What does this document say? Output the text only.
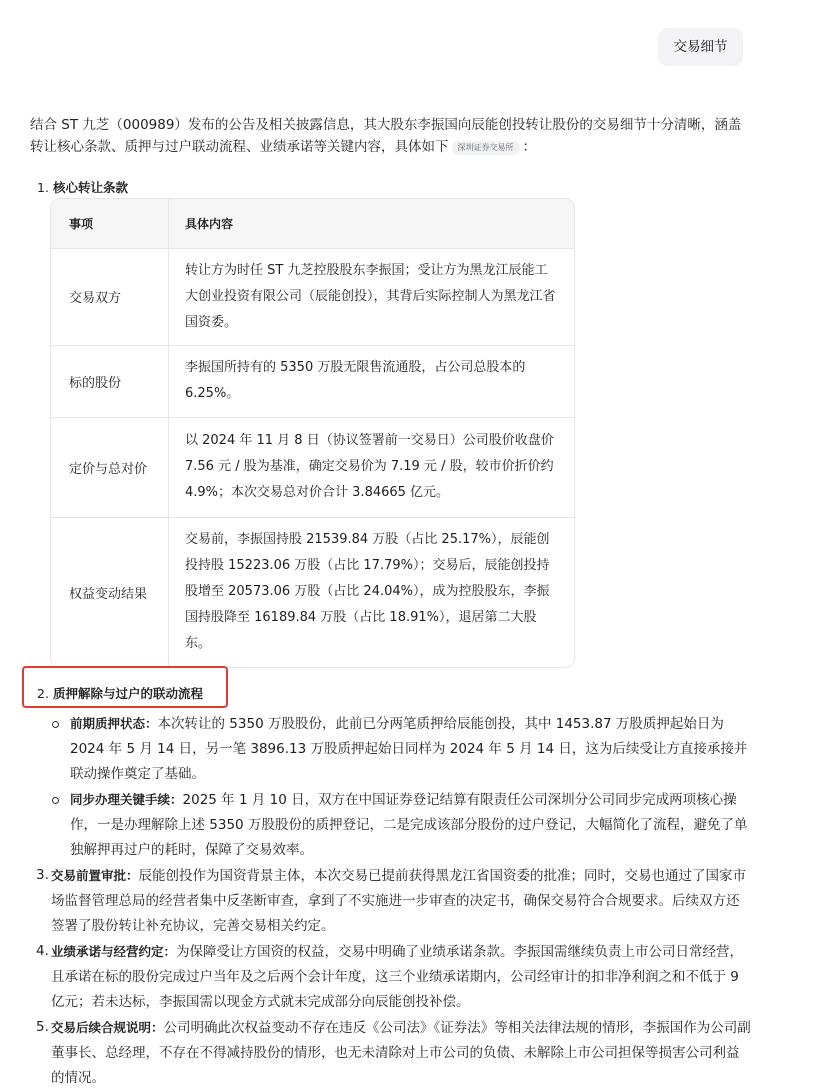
交易细节
结合 ST 九芝（000989）发布的公告及相关披露信息，其大股东李振国向辰能创投转让股份的交易细节十分清晰，涵盖转让核心条款、质押与过户联动流程、业绩承诺等关键内容，具体如下 深圳证券交易所 ：
1. 核心转让条款
事项	具体内容
交易双方
转让方为时任 ST 九芝控股股东李振国；受让方为黑龙江辰能工大创业投资有限公司（辰能创投），其背后实际控制人为黑龙江省国资委。
标的股份
李振国所持有的 5350 万股无限售流通股，占公司总股本的 6.25%。
定价与总对价
以 2024 年 11 月 8 日（协议签署前一交易日）公司股价收盘价 7.56 元 / 股为基准，确定交易价为 7.19 元 / 股，较市价折价约 4.9%；本次交易总对价合计 3.84665 亿元。
权益变动结果
交易前，李振国持股 21539.84 万股（占比 25.17%），辰能创投持股 15223.06 万股（占比 17.79%）；交易后，辰能创投持股增至 20573.06 万股（占比 24.04%），成为控股股东，李振国持股降至 16189.84 万股（占比 18.91%），退居第二大股东。
2. 质押解除与过户的联动流程
前期质押状态：本次转让的 5350 万股股份，此前已分两笔质押给辰能创投，其中 1453.87 万股质押起始日为 2024 年 5 月 14 日，另一笔 3896.13 万股质押起始日同样为 2024 年 5 月 14 日，这为后续受让方直接承接并联动操作奠定了基础。
同步办理关键手续：2025 年 1 月 10 日，双方在中国证券登记结算有限责任公司深圳分公司同步完成两项核心操作，一是办理解除上述 5350 万股股份的质押登记，二是完成该部分股份的过户登记，大幅简化了流程，避免了单独解押再过户的耗时，保障了交易效率。
3. 交易前置审批：辰能创投作为国资背景主体，本次交易已提前获得黑龙江省国资委的批准；同时，交易也通过了国家市场监督管理总局的经营者集中反垄断审查，拿到了不实施进一步审查的决定书，确保交易符合合规要求。后续双方还签署了股份转让补充协议，完善交易相关约定。
4. 业绩承诺与经营约定：为保障受让方国资的权益，交易中明确了业绩承诺条款。李振国需继续负责上市公司日常经营，且承诺在标的股份完成过户当年及之后两个会计年度，这三个业绩承诺期内，公司经审计的扣非净利润之和不低于 9 亿元；若未达标，李振国需以现金方式就未完成部分向辰能创投补偿。
5. 交易后续合规说明：公司明确此次权益变动不存在违反《公司法》《证券法》等相关法律法规的情形，李振国作为公司副董事长、总经理，不存在不得减持股份的情形，也无未清除对上市公司的负债、未解除上市公司担保等损害公司利益的情况。
